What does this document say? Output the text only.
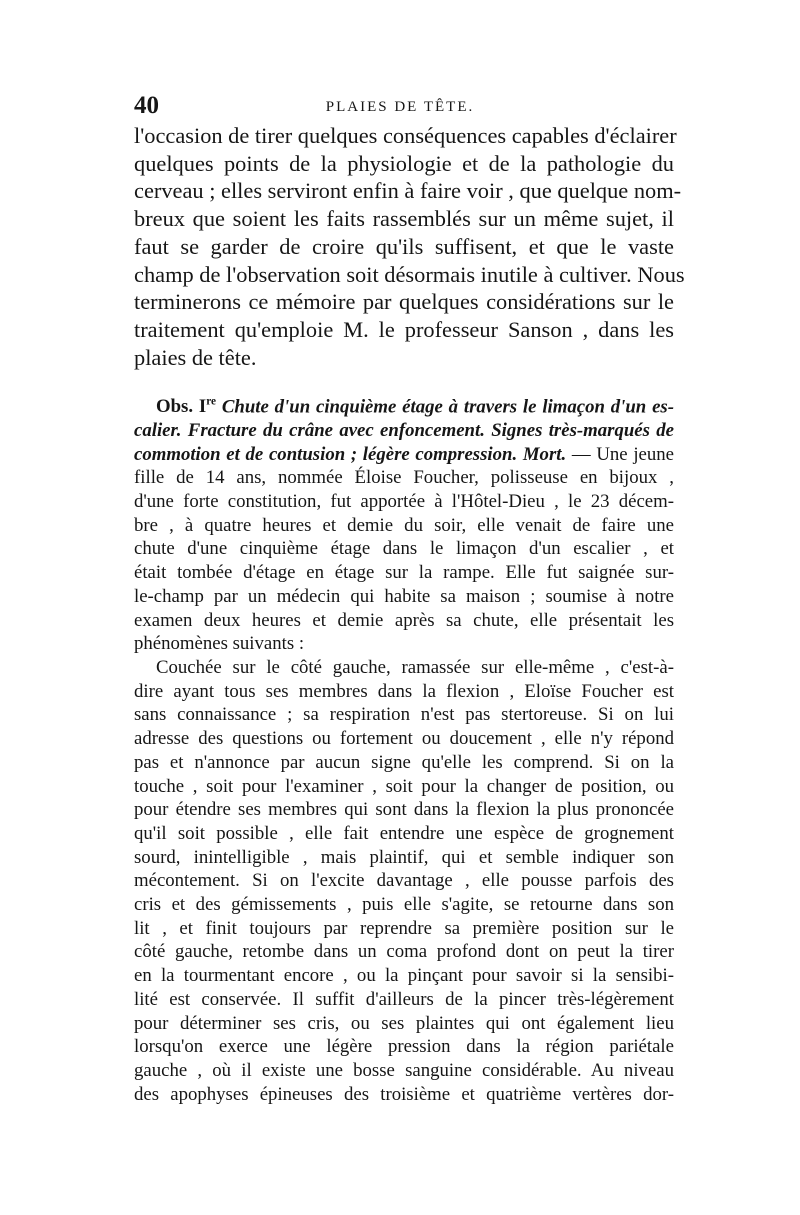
40	PLAIES DE TÊTE.
l'occasion de tirer quelques conséquences capables d'éclairer
quelques points de la physiologie et de la pathologie du
cerveau ; elles serviront enfin à faire voir , que quelque nom-
breux que soient les faits rassemblés sur un même sujet, il
faut se garder de croire qu'ils suffisent, et que le vaste
champ de l'observation soit désormais inutile à cultiver. Nous
terminerons ce mémoire par quelques considérations sur le
traitement qu'emploie M. le professeur Sanson , dans les
plaies de tête.
Obs. Ire Chute d'un cinquième étage à travers le limaçon d'un es-
calier. Fracture du crâne avec enfoncement. Signes très-marqués de
commotion et de contusion ; légère compression. Mort. — Une jeune
fille de 14 ans, nommée Éloise Foucher, polisseuse en bijoux ,
d'une forte constitution, fut apportée à l'Hôtel-Dieu , le 23 décem-
bre , à quatre heures et demie du soir, elle venait de faire une
chute d'une cinquième étage dans le limaçon d'un escalier , et
était tombée d'étage en étage sur la rampe. Elle fut saignée sur-
le-champ par un médecin qui habite sa maison ; soumise à notre
examen deux heures et demie après sa chute, elle présentait les
phénomènes suivants :
Couchée sur le côté gauche, ramassée sur elle-même , c'est-à-
dire ayant tous ses membres dans la flexion , Eloïse Foucher est
sans connaissance ; sa respiration n'est pas stertoreuse. Si on lui
adresse des questions ou fortement ou doucement , elle n'y répond
pas et n'annonce par aucun signe qu'elle les comprend. Si on la
touche , soit pour l'examiner , soit pour la changer de position, ou
pour étendre ses membres qui sont dans la flexion la plus prononcée
qu'il soit possible , elle fait entendre une espèce de grognement
sourd, inintelligible , mais plaintif, qui et semble indiquer son
mécontement. Si on l'excite davantage , elle pousse parfois des
cris et des gémissements , puis elle s'agite, se retourne dans son
lit , et finit toujours par reprendre sa première position sur le
côté gauche, retombe dans un coma profond dont on peut la tirer
en la tourmentant encore , ou la pinçant pour savoir si la sensibi-
lité est conservée. Il suffit d'ailleurs de la pincer très-légèrement
pour déterminer ses cris, ou ses plaintes qui ont également lieu
lorsqu'on exerce une légère pression dans la région pariétale
gauche , où il existe une bosse sanguine considérable. Au niveau
des apophyses épineuses des troisième et quatrième vertères dor-
